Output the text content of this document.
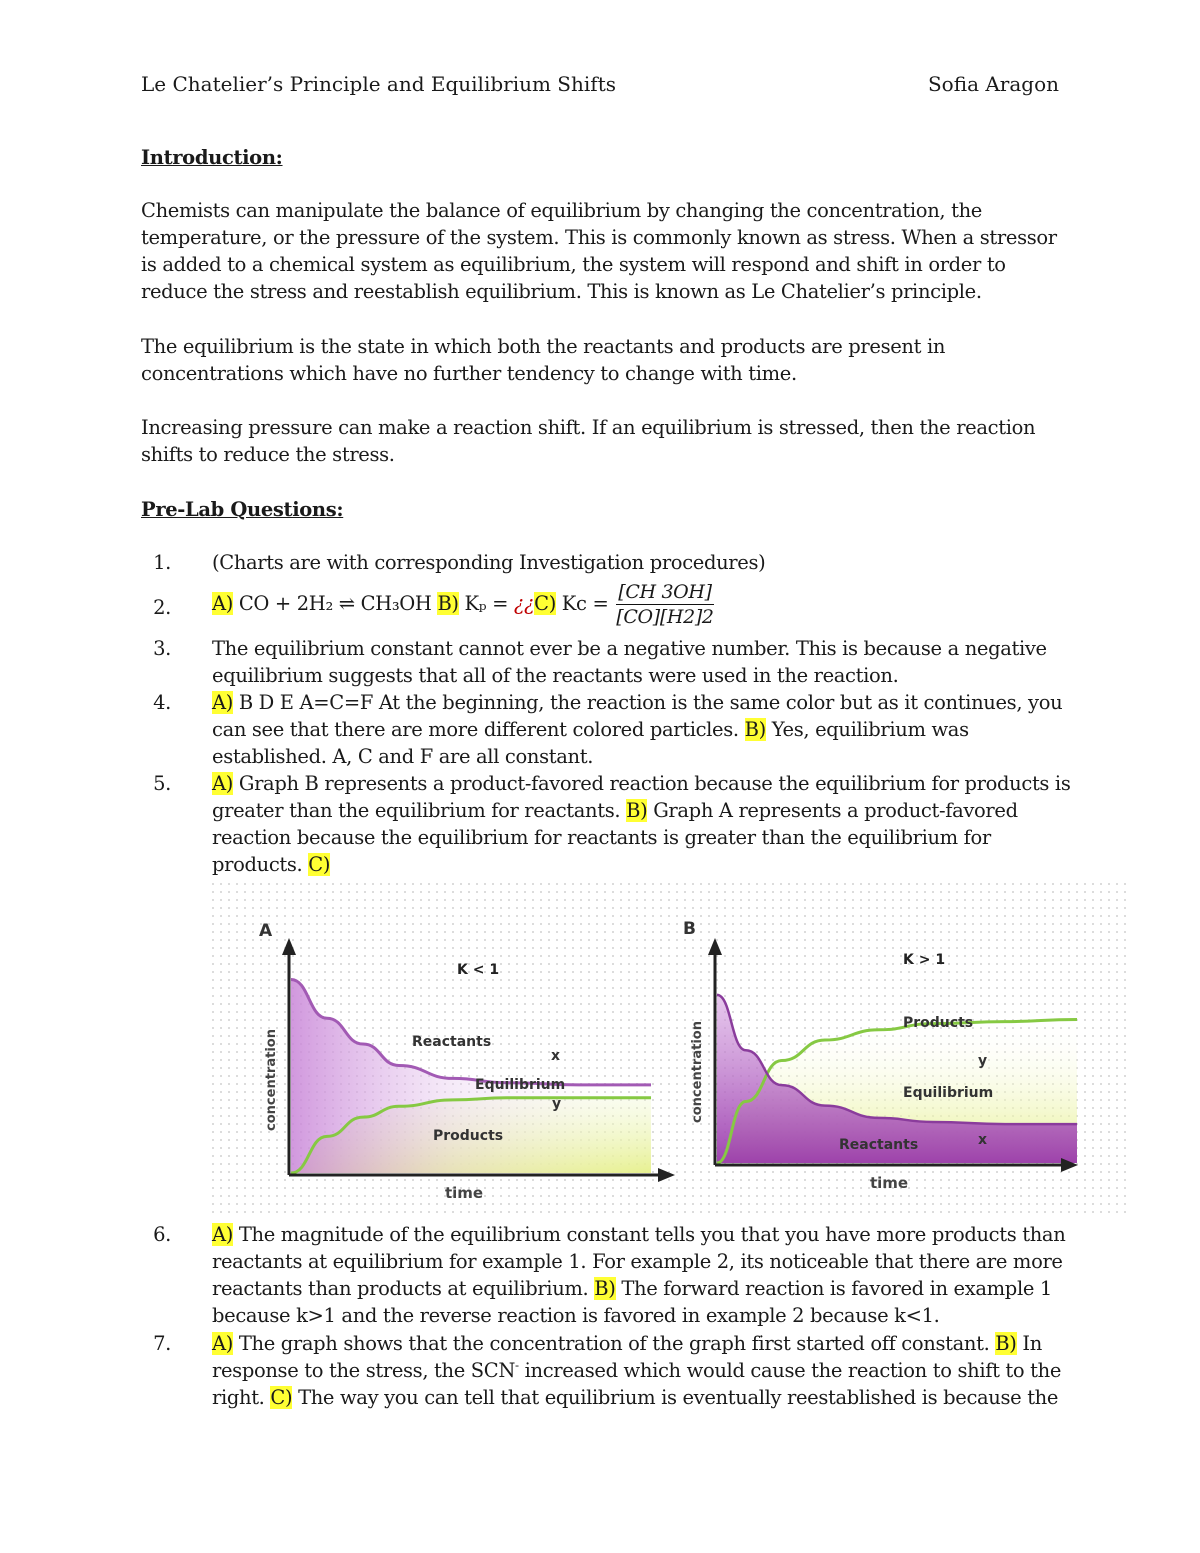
Le Chatelier’s Principle and Equilibrium Shifts	Sofia Aragon
Introduction:
Chemists can manipulate the balance of equilibrium by changing the concentration, the temperature, or the pressure of the system. This is commonly known as stress. When a stressor is added to a chemical system as equilibrium, the system will respond and shift in order to reduce the stress and reestablish equilibrium. This is known as Le Chatelier’s principle.
The equilibrium is the state in which both the reactants and products are present in concentrations which have no further tendency to change with time.
Increasing pressure can make a reaction shift. If an equilibrium is stressed, then the reaction shifts to reduce the stress.
Pre-Lab Questions:
1. (Charts are with corresponding Investigation procedures)
2. A) CO + 2H₂ ⇌ CH₃OH B) Kₚ = ¿¿C) $Kc = \frac{[CH 3OH]}{[CO][H2]2}$
3. The equilibrium constant cannot ever be a negative number. This is because a negative equilibrium suggests that all of the reactants were used in the reaction.
4. A) B D E A=C=F At the beginning, the reaction is the same color but as it continues, you can see that there are more different colored particles. B) Yes, equilibrium was established. A, C and F are all constant.
5. A) Graph B represents a product-favored reaction because the equilibrium for products is greater than the equilibrium for reactants. B) Graph A represents a product-favored reaction because the equilibrium for reactants is greater than the equilibrium for products. C)
6. A) The magnitude of the equilibrium constant tells you that you have more products than reactants at equilibrium for example 1. For example 2, its noticeable that there are more reactants than products at equilibrium. B) The forward reaction is favored in example 1 because k>1 and the reverse reaction is favored in example 2 because k<1.
7. A) The graph shows that the concentration of the graph first started off constant. B) In response to the stress, the SCN- increased which would cause the reaction to shift to the right. C) The way you can tell that equilibrium is eventually reestablished is because the
A
K < 1
concentration
time
Reactants
x
Equilibrium
y
Products
B
K > 1
concentration
time
Products
y
Equilibrium
Reactants	x
